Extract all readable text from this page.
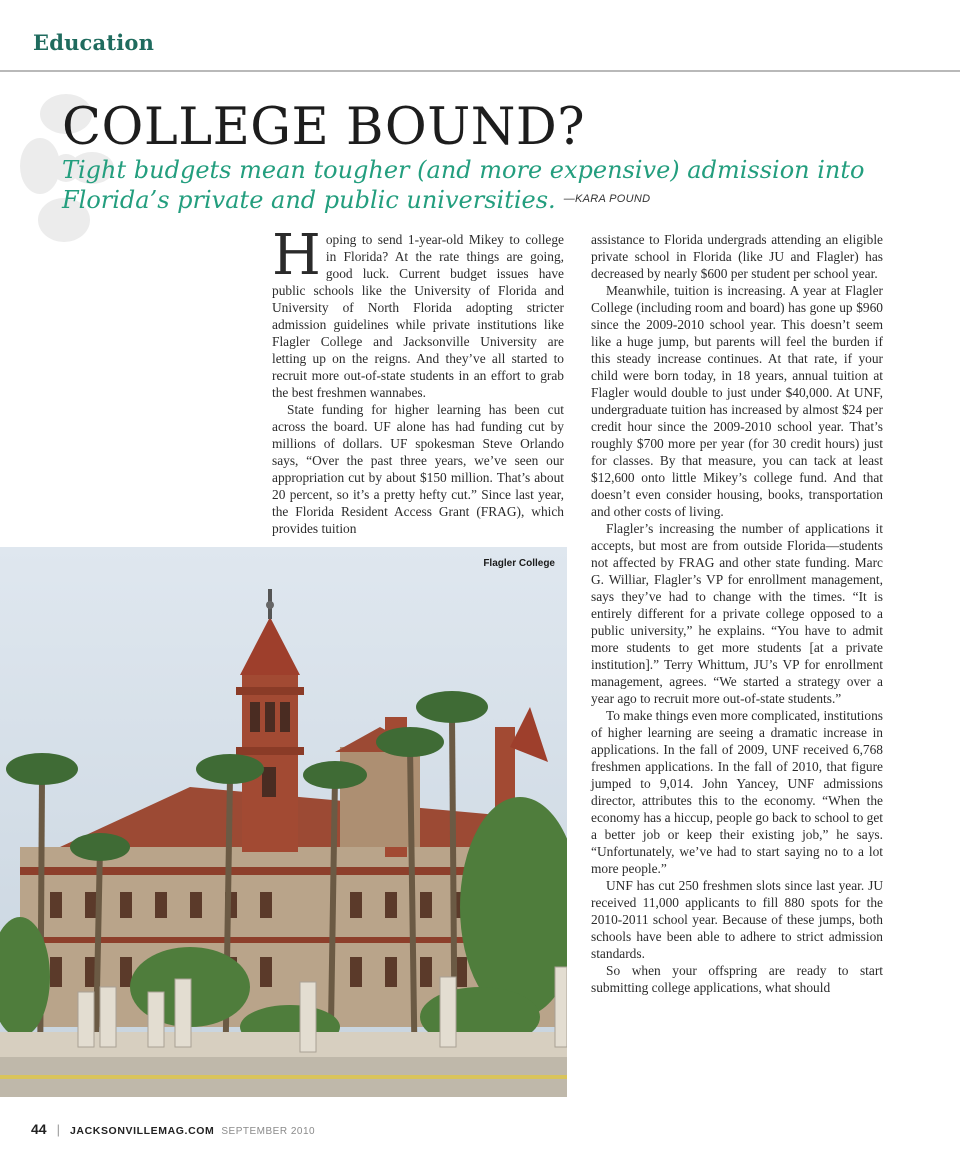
Education
COLLEGE BOUND?

Tight budgets mean tougher (and more expensive) admission into Florida’s private and public universities. $^{—KARA POUND}$

Hoping to send 1-year-old Mikey to college in Florida? At the rate things are going, good luck. Current budget issues have public schools like the University of Florida and University of North Florida adopting stricter admission guidelines while private institutions like Flagler College and Jacksonville University are letting up on the reigns. And they’ve all started to recruit more out-of-state students in an effort to grab the best freshmen wannabes.

State funding for higher learning has been cut across the board. UF alone has had funding cut by millions of dollars. UF spokesman Steve Orlando says, “Over the past three years, we’ve seen our appropriation cut by about $150 million. That’s about 20 percent, so it’s a pretty hefty cut.” Since last year, the Florida Resident Access Grant (FRAG), which provides tuition

assistance to Florida undergrads attending an eligible private school in Florida (like JU and Flagler) has decreased by nearly $600 per student per school year.

Meanwhile, tuition is increasing. A year at Flagler College (including room and board) has gone up $960 since the 2009-2010 school year. This doesn’t seem like a huge jump, but parents will feel the burden if this steady increase continues. At that rate, if your child were born today, in 18 years, annual tuition at Flagler would double to just under $40,000. At UNF, undergraduate tuition has increased by almost $24 per credit hour since the 2009-2010 school year. That’s roughly $700 more per year (for 30 credit hours) just for classes. By that measure, you can tack at least $12,600 onto little Mikey’s college fund. And that doesn’t even consider housing, books, transportation and other costs of living.

Flagler’s increasing the number of applications it accepts, but most are from outside Florida—students not affected by FRAG and other state funding. Marc G. Williar, Flagler’s VP for enrollment management, says they’ve had to change with the times. “It is entirely different for a private college opposed to a public university,” he explains. “You have to admit more students to get more students [at a private institution].” Terry Whittum, JU’s VP for enrollment management, agrees. “We started a strategy over a year ago to recruit more out-of-state students.”

To make things even more complicated, institutions of higher learning are seeing a dramatic increase in applications. In the fall of 2009, UNF received 6,768 freshmen applications. In the fall of 2010, that figure jumped to 9,014. John Yancey, UNF admissions director, attributes this to the economy. “When the economy has a hiccup, people go back to school to get a better job or keep their existing job,” he says. “Unfortunately, we’ve had to start saying no to a lot more people.”

UNF has cut 250 freshmen slots since last year. JU received 11,000 applicants to fill 880 spots for the 2010-2011 school year. Because of these jumps, both schools have been able to adhere to strict admission standards.

So when your offspring are ready to start submitting college applications, what should

Flagler College
44 | JACKSONVILLEMAG.COM SEPTEMBER 2010
